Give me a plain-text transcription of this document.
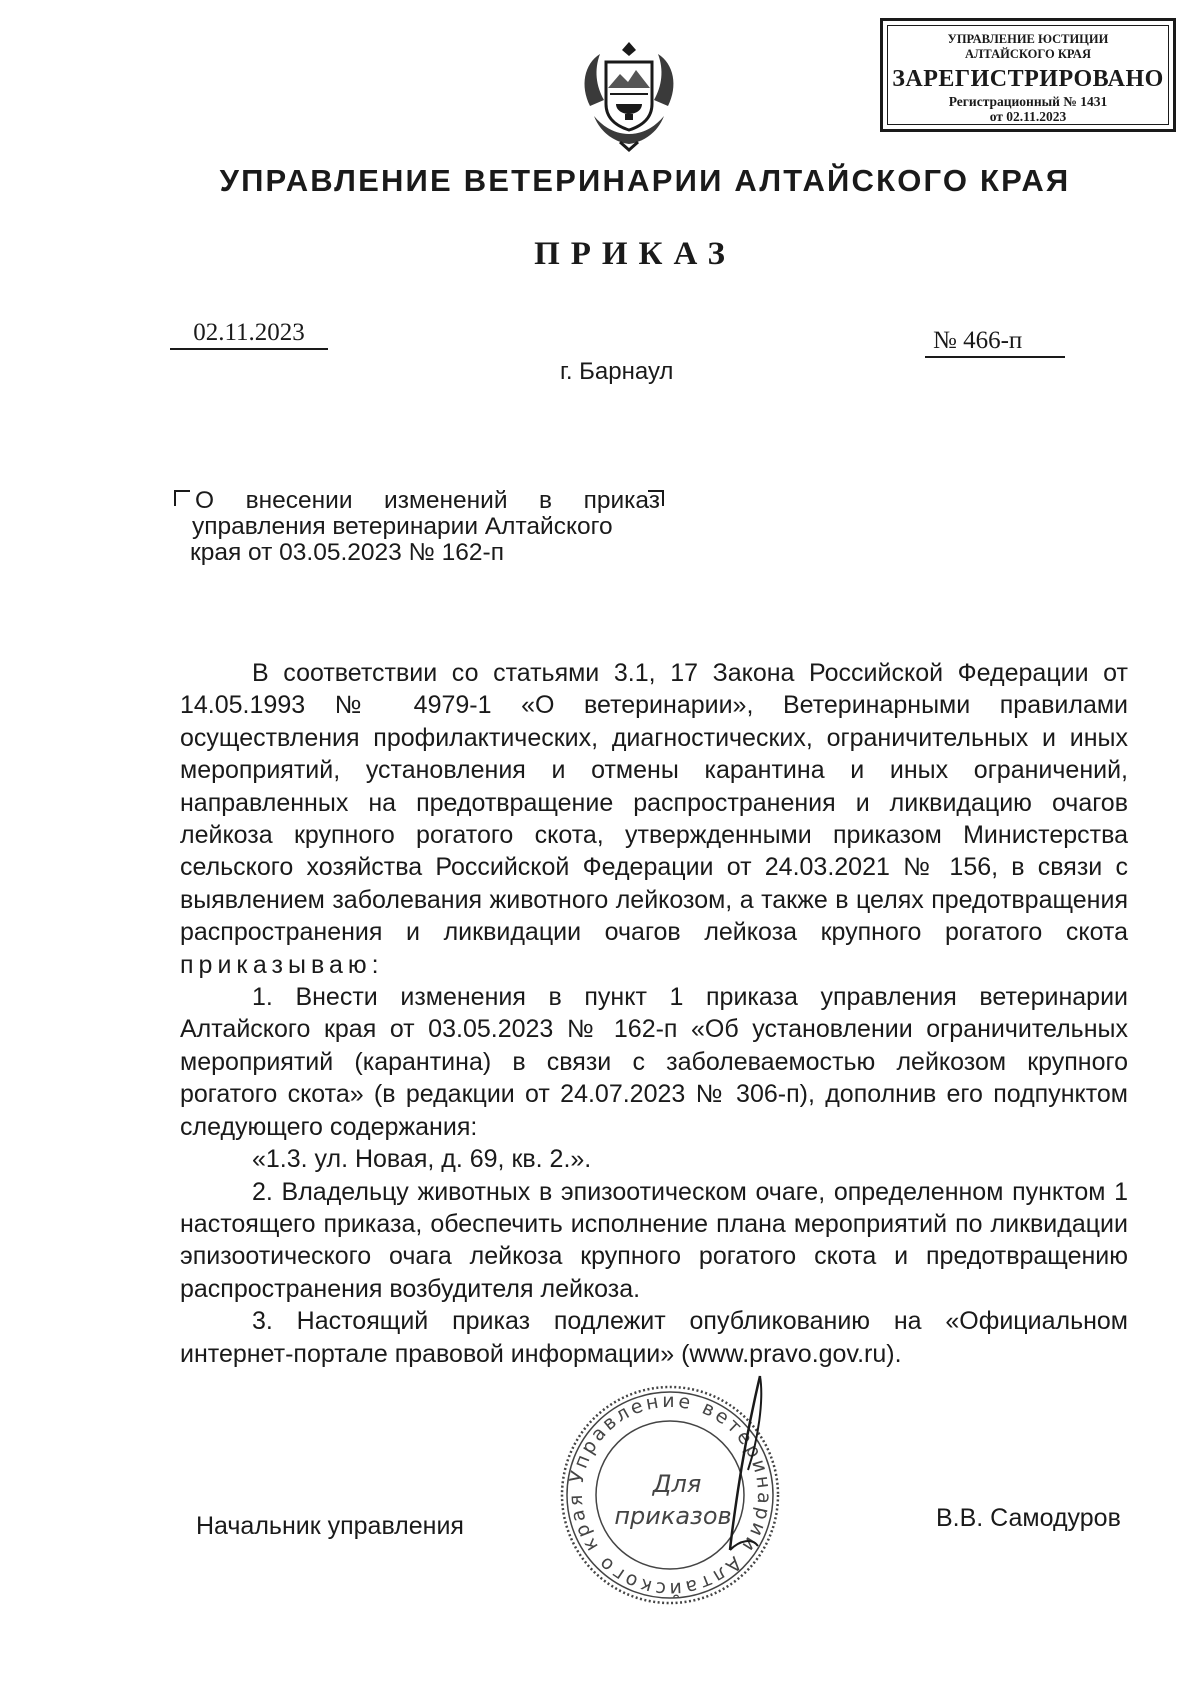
УПРАВЛЕНИЕ ЮСТИЦИИ
АЛТАЙСКОГО КРАЯ
ЗАРЕГИСТРИРОВАНО
Регистрационный № 1431
от 02.11.2023
УПРАВЛЕНИЕ ВЕТЕРИНАРИИ АЛТАЙСКОГО КРАЯ
ПРИКАЗ
02.11.2023	№ 466-п
г. Барнаул
О внесении изменений в приказ
управления ветеринарии Алтайского
края от 03.05.2023 № 162-п

В соответствии со статьями 3.1, 17 Закона Российской Федерации от 14.05.1993 № 4979-1 «О ветеринарии», Ветеринарными правилами осуществления профилактических, диагностических, ограничительных и иных мероприятий, установления и отмены карантина и иных ограничений, направленных на предотвращение распространения и ликвидацию очагов лейкоза крупного рогатого скота, утвержденными приказом Министерства сельского хозяйства Российской Федерации от 24.03.2021 № 156, в связи с выявлением заболевания животного лейкозом, а также в целях предотвращения распространения и ликвидации очагов лейкоза крупного рогатого скота приказываю:

1. Внести изменения в пункт 1 приказа управления ветеринарии Алтайского края от 03.05.2023 № 162-п «Об установлении ограничительных мероприятий (карантина) в связи с заболеваемостью лейкозом крупного рогатого скота» (в редакции от 24.07.2023 № 306-п), дополнив его подпунктом следующего содержания:

«1.3. ул. Новая, д. 69, кв. 2.».

2. Владельцу животных в эпизоотическом очаге, определенном пунктом 1 настоящего приказа, обеспечить исполнение плана мероприятий по ликвидации эпизоотического очага лейкоза крупного рогатого скота и предотвращению распространения возбудителя лейкоза.

3. Настоящий приказ подлежит опубликованию на «Официальном интернет-портале правовой информации» (www.pravo.gov.ru).

Управление ветеринарии Алтайского края
Для
приказов
Начальник управления	В.В. Самодуров
